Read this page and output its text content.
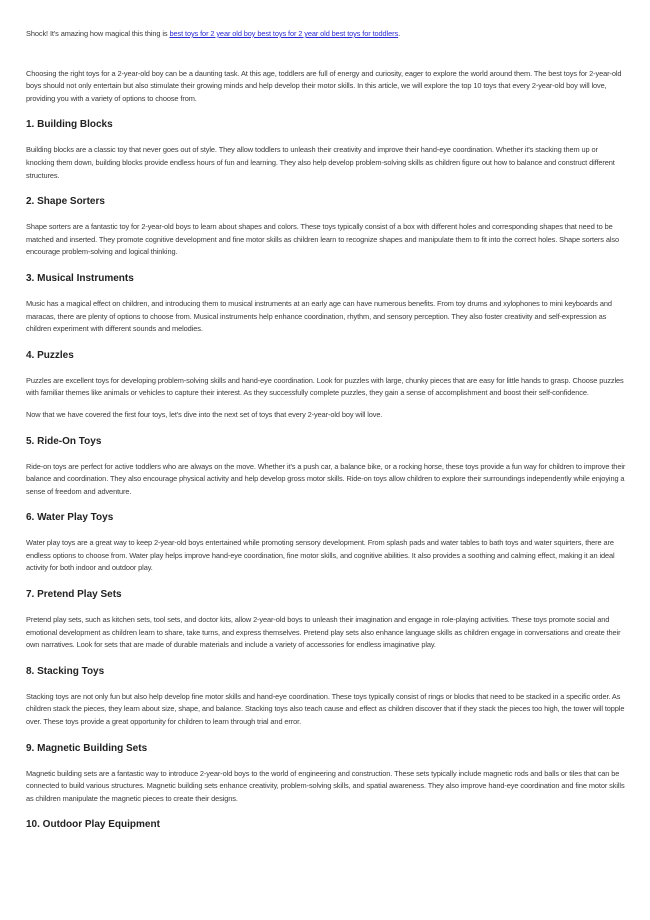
Shock! It's amazing how magical this thing is best toys for 2 year old boy best toys for 2 year old best toys for toddlers.

Choosing the right toys for a 2-year-old boy can be a daunting task. At this age, toddlers are full of energy and curiosity, eager to explore the world around them. The best toys for 2-year-old boys should not only entertain but also stimulate their growing minds and help develop their motor skills. In this article, we will explore the top 10 toys that every 2-year-old boy will love, providing you with a variety of options to choose from.

1. Building Blocks

Building blocks are a classic toy that never goes out of style. They allow toddlers to unleash their creativity and improve their hand-eye coordination. Whether it's stacking them up or knocking them down, building blocks provide endless hours of fun and learning. They also help develop problem-solving skills as children figure out how to balance and construct different structures.

2. Shape Sorters

Shape sorters are a fantastic toy for 2-year-old boys to learn about shapes and colors. These toys typically consist of a box with different holes and corresponding shapes that need to be matched and inserted. They promote cognitive development and fine motor skills as children learn to recognize shapes and manipulate them to fit into the correct holes. Shape sorters also encourage problem-solving and logical thinking.

3. Musical Instruments

Music has a magical effect on children, and introducing them to musical instruments at an early age can have numerous benefits. From toy drums and xylophones to mini keyboards and maracas, there are plenty of options to choose from. Musical instruments help enhance coordination, rhythm, and sensory perception. They also foster creativity and self-expression as children experiment with different sounds and melodies.

4. Puzzles

Puzzles are excellent toys for developing problem-solving skills and hand-eye coordination. Look for puzzles with large, chunky pieces that are easy for little hands to grasp. Choose puzzles with familiar themes like animals or vehicles to capture their interest. As they successfully complete puzzles, they gain a sense of accomplishment and boost their self-confidence.

Now that we have covered the first four toys, let's dive into the next set of toys that every 2-year-old boy will love.

5. Ride-On Toys

Ride-on toys are perfect for active toddlers who are always on the move. Whether it's a push car, a balance bike, or a rocking horse, these toys provide a fun way for children to improve their balance and coordination. They also encourage physical activity and help develop gross motor skills. Ride-on toys allow children to explore their surroundings independently while enjoying a sense of freedom and adventure.

6. Water Play Toys

Water play toys are a great way to keep 2-year-old boys entertained while promoting sensory development. From splash pads and water tables to bath toys and water squirters, there are endless options to choose from. Water play helps improve hand-eye coordination, fine motor skills, and cognitive abilities. It also provides a soothing and calming effect, making it an ideal activity for both indoor and outdoor play.

7. Pretend Play Sets

Pretend play sets, such as kitchen sets, tool sets, and doctor kits, allow 2-year-old boys to unleash their imagination and engage in role-playing activities. These toys promote social and emotional development as children learn to share, take turns, and express themselves. Pretend play sets also enhance language skills as children engage in conversations and create their own narratives. Look for sets that are made of durable materials and include a variety of accessories for endless imaginative play.

8. Stacking Toys

Stacking toys are not only fun but also help develop fine motor skills and hand-eye coordination. These toys typically consist of rings or blocks that need to be stacked in a specific order. As children stack the pieces, they learn about size, shape, and balance. Stacking toys also teach cause and effect as children discover that if they stack the pieces too high, the tower will topple over. These toys provide a great opportunity for children to learn through trial and error.

9. Magnetic Building Sets

Magnetic building sets are a fantastic way to introduce 2-year-old boys to the world of engineering and construction. These sets typically include magnetic rods and balls or tiles that can be connected to build various structures. Magnetic building sets enhance creativity, problem-solving skills, and spatial awareness. They also improve hand-eye coordination and fine motor skills as children manipulate the magnetic pieces to create their designs.

10. Outdoor Play Equipment
